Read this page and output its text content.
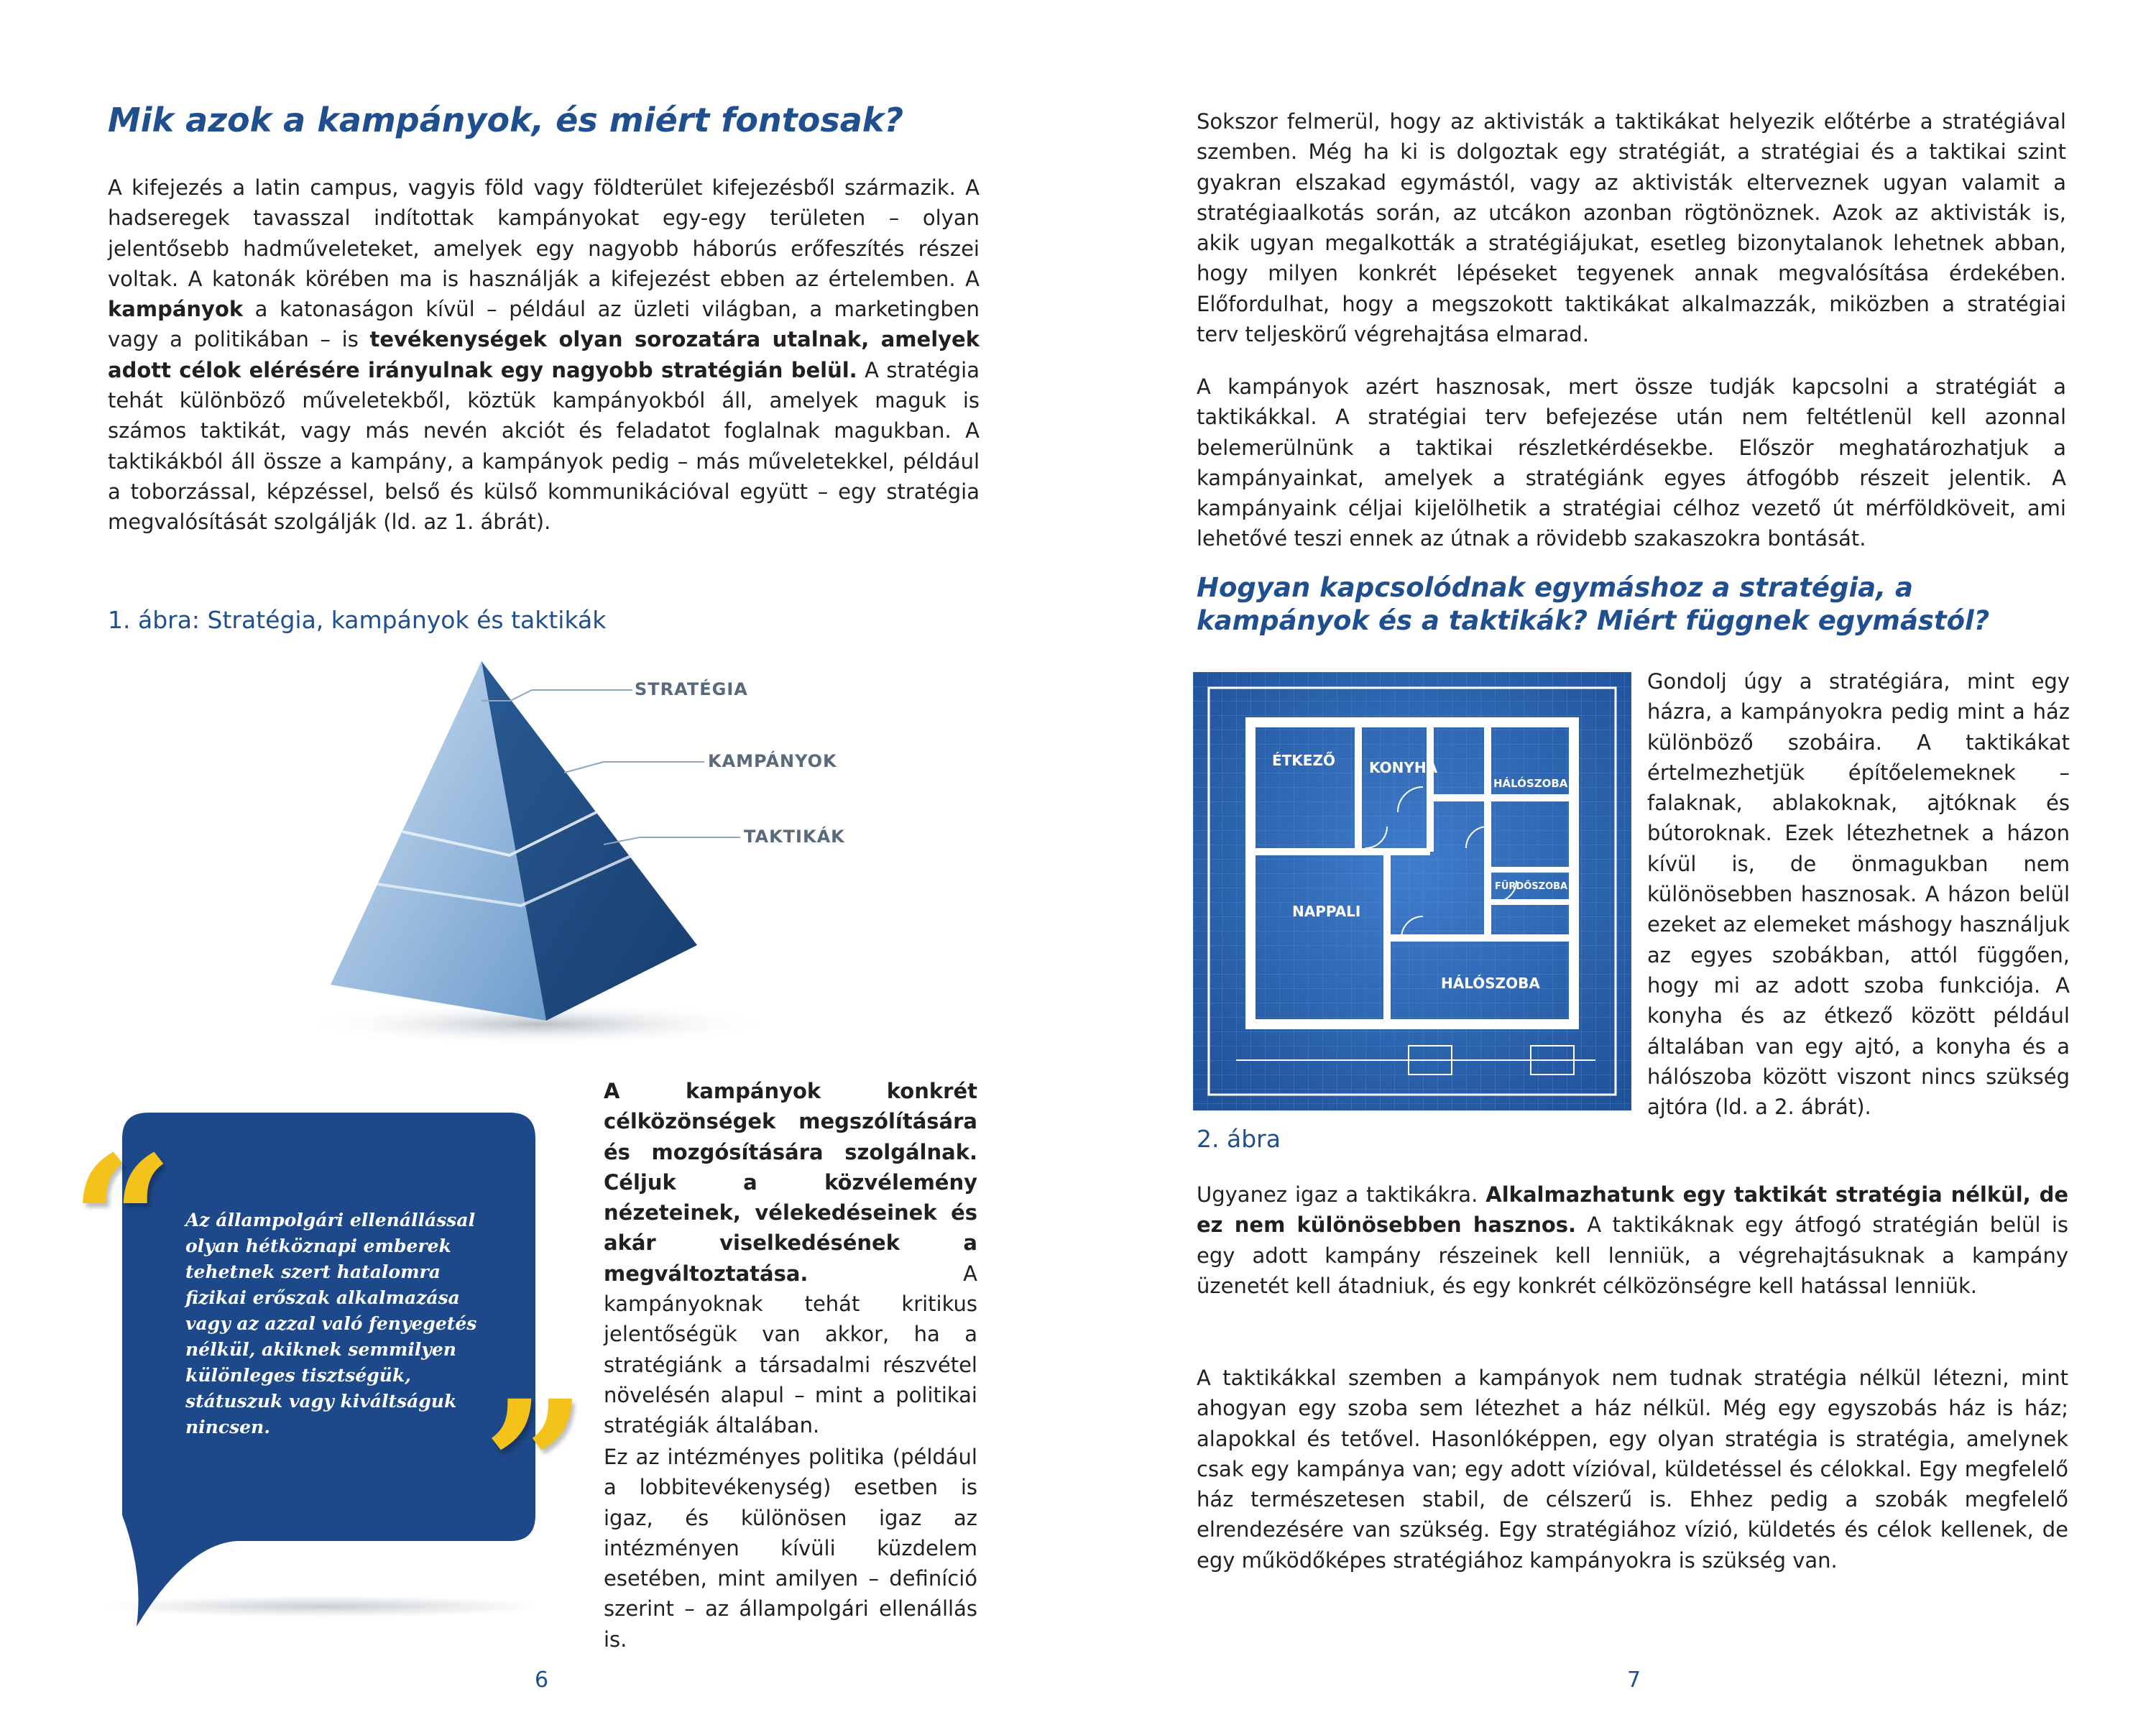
Mik azok a kampányok, és miért fontosak?

A kifejezés a latin campus, vagyis föld vagy földterület kifejezésből származik. A hadseregek tavasszal indítottak kampányokat egy-egy területen – olyan jelentősebb hadműveleteket, amelyek egy nagyobb háborús erőfeszítés részei voltak. A katonák körében ma is használják a kifejezést ebben az értelemben. A kampányok a katonaságon kívül – például az üzleti világban, a marketingben vagy a politikában – is tevékenységek olyan sorozatára utalnak, amelyek adott célok elérésére irányulnak egy nagyobb stratégián belül. A stratégia tehát különböző műveletekből, köztük kampányokból áll, amelyek maguk is számos taktikát, vagy más nevén akciót és feladatot foglalnak magukban. A taktikákból áll össze a kampány, a kampányok pedig – más műveletekkel, például a toborzással, képzéssel, belső és külső kommunikációval együtt – egy stratégia megvalósítását szolgálják (ld. az 1. ábrát).

1. ábra: Stratégia, kampányok és taktikák
STRATÉGIA
KAMPÁNYOK
TAKTIKÁK
“ Az állampolgári ellenállással olyan hétköznapi emberek tehetnek szert hatalomra fizikai erőszak alkalmazása vagy az azzal való fenyegetés nélkül, akiknek semmilyen különleges tisztségük, státuszuk vagy kiváltságuk nincsen.	”

A kampányok konkrét célközönségek megszólítására és mozgósítására szolgálnak. Céljuk a közvélemény nézeteinek, vélekedéseinek és akár viselkedésének a megváltoztatása. A kampányoknak tehát kritikus jelentőségük van akkor, ha a stratégiánk a társadalmi részvétel növelésén alapul – mint a politikai stratégiák általában.

Ez az intézményes politika (például a lobbitevékenység) esetben is igaz, és különösen igaz az intézményen kívüli küzdelem esetében, mint amilyen – definíció szerint – az állampolgári ellenállás is.

6

Sokszor felmerül, hogy az aktivisták a taktikákat helyezik előtérbe a stratégiával szemben. Még ha ki is dolgoztak egy stratégiát, a stratégiai és a taktikai szint gyakran elszakad egymástól, vagy az aktivisták elterveznek ugyan valamit a stratégiaalkotás során, az utcákon azonban rögtönöznek. Azok az aktivisták is, akik ugyan megalkották a stratégiájukat, esetleg bizonytalanok lehetnek abban, hogy milyen konkrét lépéseket tegyenek annak megvalósítása érdekében. Előfordulhat, hogy a megszokott taktikákat alkalmazzák, miközben a stratégiai terv teljeskörű végrehajtása elmarad.

A kampányok azért hasznosak, mert össze tudják kapcsolni a stratégiát a taktikákkal. A stratégiai terv befejezése után nem feltétlenül kell azonnal belemerülnünk a taktikai részletkérdésekbe. Először meghatározhatjuk a kampányainkat, amelyek a stratégiánk egyes átfogóbb részeit jelentik. A kampányaink céljai kijelölhetik a stratégiai célhoz vezető út mérföldköveit, ami lehetővé teszi ennek az útnak a rövidebb szakaszokra bontását.

Hogyan kapcsolódnak egymáshoz a stratégia, a kampányok és a taktikák? Miért függnek egymástól?
ÉTKEZŐ KONYHA
HÁLÓSZOBA
FÜRDŐSZOBA
NAPPALI
HÁLÓSZOBA
2. ábra

Gondolj úgy a stratégiára, mint egy házra, a kampányokra pedig mint a ház különböző szobáira. A taktikákat értelmezhetjük építőelemeknek – falaknak, ablakoknak, ajtóknak és bútoroknak. Ezek létezhetnek a házon kívül is, de önmagukban nem különösebben hasznosak. A házon belül ezeket az elemeket máshogy használjuk az egyes szobákban, attól függően, hogy mi az adott szoba funkciója. A konyha és az étkező között például általában van egy ajtó, a konyha és a hálószoba között viszont nincs szükség ajtóra (ld. a 2. ábrát).

Ugyanez igaz a taktikákra. Alkalmazhatunk egy taktikát stratégia nélkül, de ez nem különösebben hasznos. A taktikáknak egy átfogó stratégián belül is egy adott kampány részeinek kell lenniük, a végrehajtásuknak a kampány üzenetét kell átadniuk, és egy konkrét célközönségre kell hatással lenniük.

A taktikákkal szemben a kampányok nem tudnak stratégia nélkül létezni, mint ahogyan egy szoba sem létezhet a ház nélkül. Még egy egyszobás ház is ház; alapokkal és tetővel. Hasonlóképpen, egy olyan stratégia is stratégia, amelynek csak egy kampánya van; egy adott vízióval, küldetéssel és célokkal. Egy megfelelő ház természetesen stabil, de célszerű is. Ehhez pedig a szobák megfelelő elrendezésére van szükség. Egy stratégiához vízió, küldetés és célok kellenek, de egy működőképes stratégiához kampányokra is szükség van.

7
